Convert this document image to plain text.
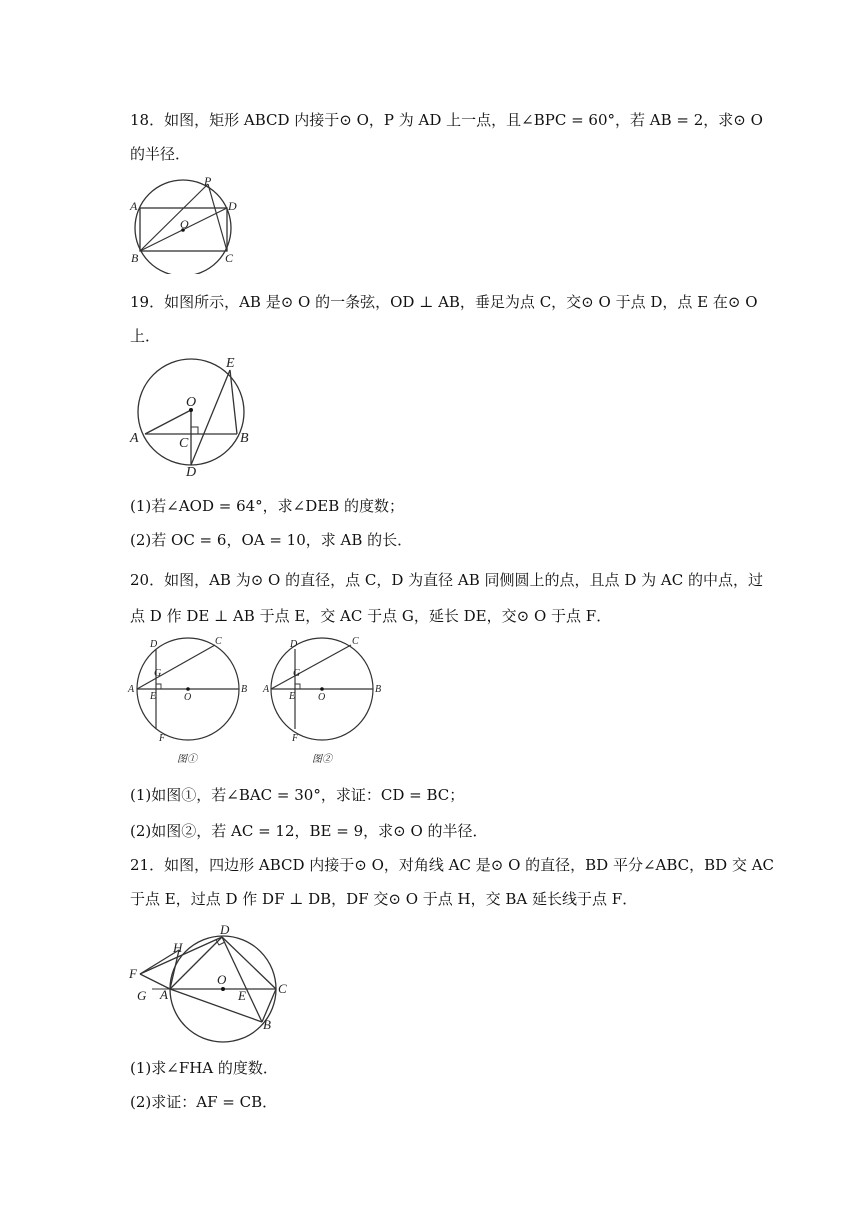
18．如图，矩形 ABCD 内接于⊙ O，P 为 AD 上一点，且∠BPC = 60°，若 AB = 2，求⊙ O
的半径．
P
A	D
O
B	C
19．如图所示，AB 是⊙ O 的一条弦，OD ⊥ AB，垂足为点 C，交⊙ O 于点 D，点 E 在⊙ O
上．
E
O
A	C	B
D
(1)若∠AOD = 64°，求∠DEB 的度数；
(2)若 OC = 6，OA = 10，求 AB 的长．
20．如图，AB 为⊙ O 的直径，点 C，D 为直径 AB 同侧圆上的点，且点 D 为 AC 的中点，过
点 D 作 DE ⊥ AB 于点 E，交 AC 于点 G，延长 DE，交⊙ O 于点 F．
D	C
G
A
E	O
B
F
图①
D	C
G
A
E O
B
F
图②
(1)如图①，若∠BAC = 30°，求证：CD = BC；
(2)如图②，若 AC = 12，BE = 9，求⊙ O 的半径．
21．如图，四边形 ABCD 内接于⊙ O，对角线 AC 是⊙ O 的直径，BD 平分∠ABC，BD 交 AC
于点 E，过点 D 作 DF ⊥ DB，DF 交⊙ O 于点 H，交 BA 延长线于点 F．
D
H
F	O
C
G A	E
B
(1)求∠FHA 的度数．
(2)求证：AF = CB．
